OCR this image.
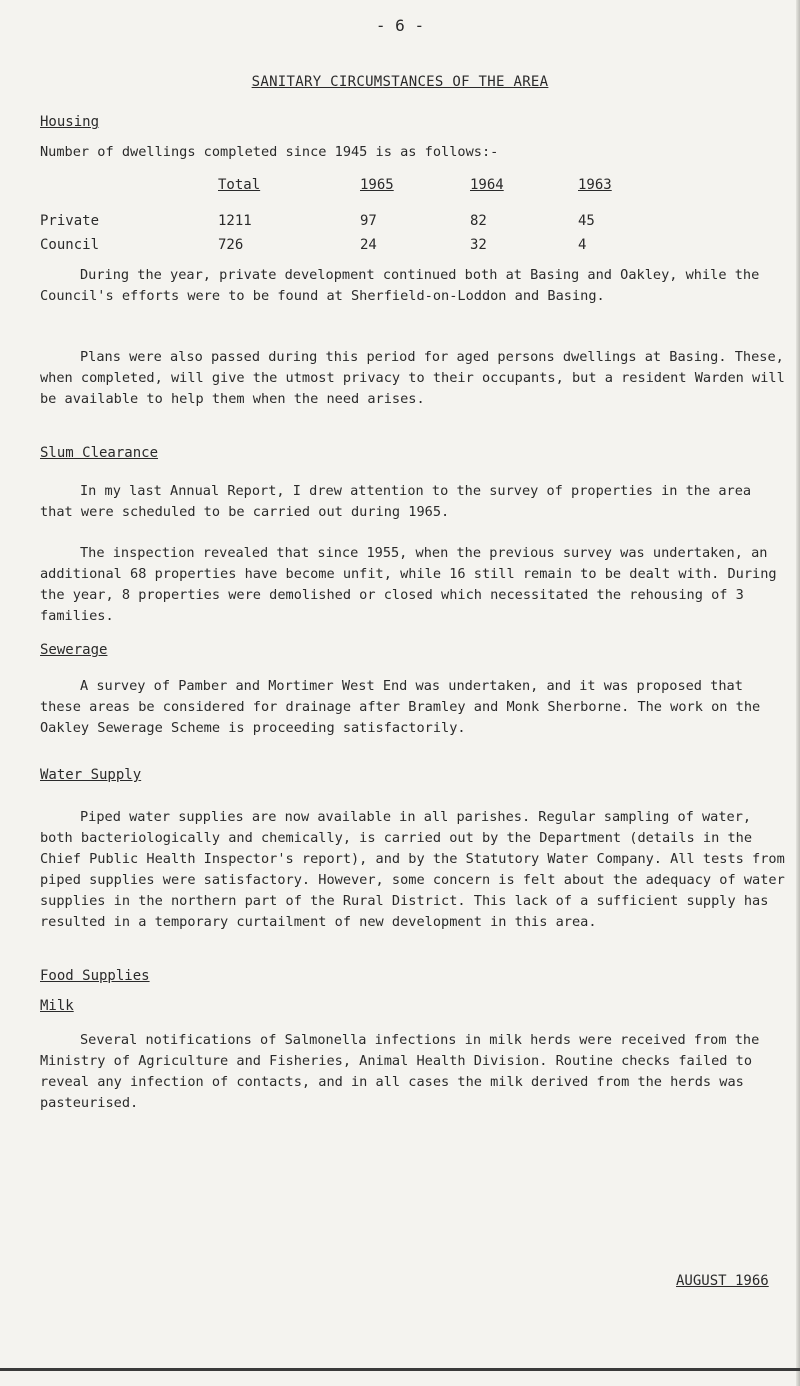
- 6 -
SANITARY CIRCUMSTANCES OF THE AREA
Housing
Number of dwellings completed since 1945 is as follows:-
	Total	1965	1964	1963

Private	1211	97	82	45
Council	726	24	32	4
During the year, private development continued both at Basing and Oakley, while the Council's efforts were to be found at Sherfield-on-Loddon and Basing.
Plans were also passed during this period for aged persons dwellings at Basing. These, when completed, will give the utmost privacy to their occupants, but a resident Warden will be available to help them when the need arises.
Slum Clearance
In my last Annual Report, I drew attention to the survey of properties in the area that were scheduled to be carried out during 1965.
The inspection revealed that since 1955, when the previous survey was undertaken, an additional 68 properties have become unfit, while 16 still remain to be dealt with. During the year, 8 properties were demolished or closed which necessitated the rehousing of 3 families.
Sewerage
A survey of Pamber and Mortimer West End was undertaken, and it was proposed that these areas be considered for drainage after Bramley and Monk Sherborne. The work on the Oakley Sewerage Scheme is proceeding satisfactorily.
Water Supply
Piped water supplies are now available in all parishes. Regular sampling of water, both bacteriologically and chemically, is carried out by the Department (details in the Chief Public Health Inspector's report), and by the Statutory Water Company. All tests from piped supplies were satisfactory. However, some concern is felt about the adequacy of water supplies in the northern part of the Rural District. This lack of a sufficient supply has resulted in a temporary curtailment of new development in this area.
Food Supplies
Milk
Several notifications of Salmonella infections in milk herds were received from the Ministry of Agriculture and Fisheries, Animal Health Division. Routine checks failed to reveal any infection of contacts, and in all cases the milk derived from the herds was pasteurised.
AUGUST 1966
